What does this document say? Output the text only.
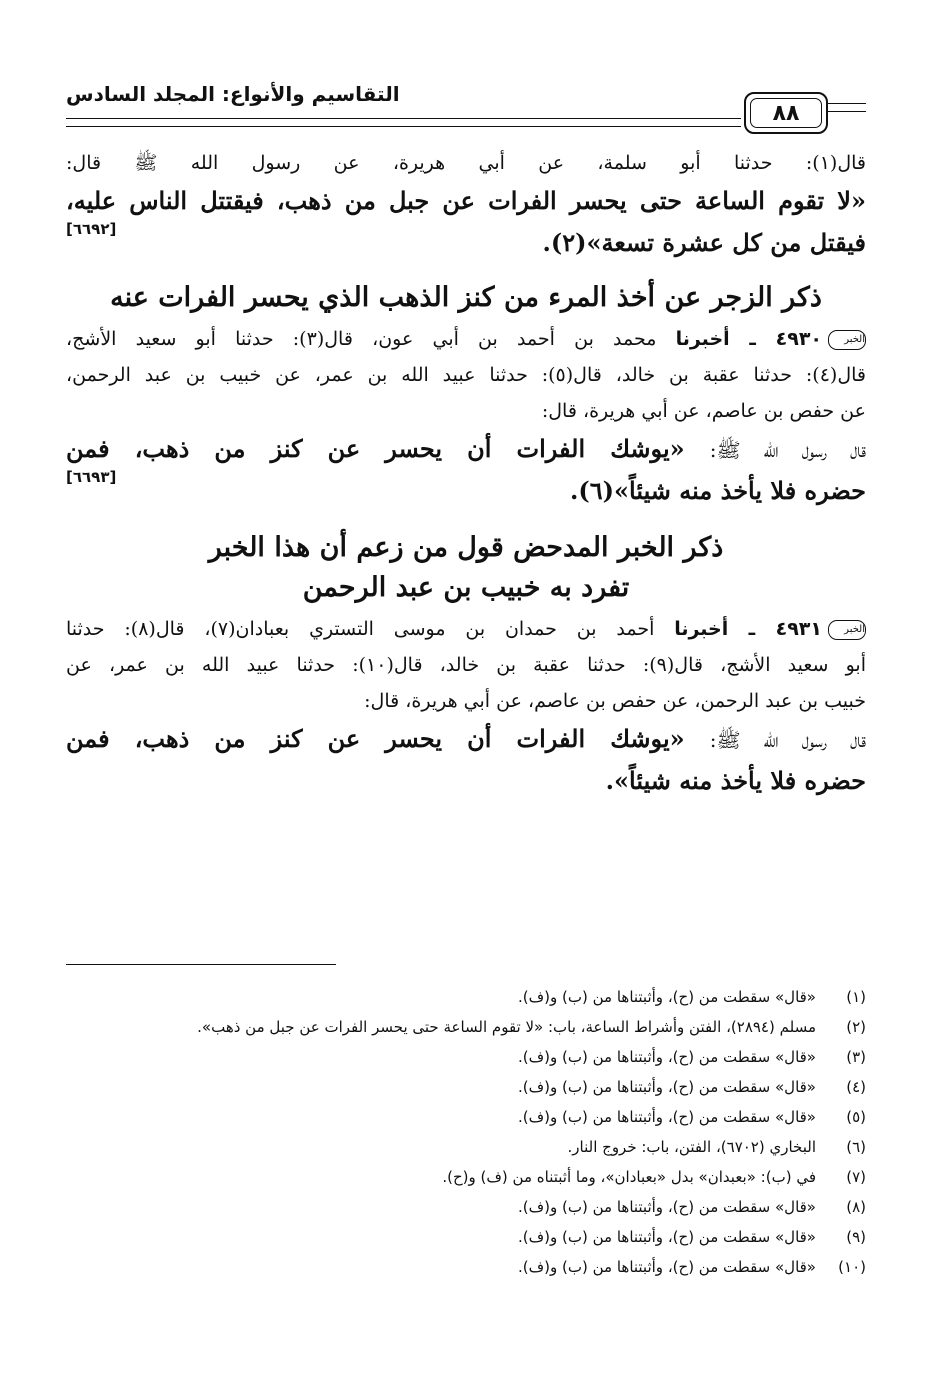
التقاسيم والأنواع: المجلد السادس
٨٨
قال(١): حدثنا أبو سلمة، عن أبي هريرة، عن رسول الله ﷺ قال:
«لا تقوم الساعة حتى يحسر الفرات عن جبل من ذهب، فيقتتل الناس عليه،
فيقتل من كل عشرة تسعة»(٢).
[٦٦٩٢]
ذكر الزجر عن أخذ المرء من كنز الذهب الذي يحسر الفرات عنه
الخبر٤٩٣٠ ـ أخبرنا محمد بن أحمد بن أبي عون، قال(٣): حدثنا أبو سعيد الأشج،
قال(٤): حدثنا عقبة بن خالد، قال(٥): حدثنا عبيد الله بن عمر، عن خبيب بن عبد الرحمن،
عن حفص بن عاصم، عن أبي هريرة، قال:
قال رسول الله ﷺ: «يوشك الفرات أن يحسر عن كنز من ذهب، فمن
حضره فلا يأخذ منه شيئاً»(٦).
[٦٦٩٣]
ذكر الخبر المدحض قول من زعم أن هذا الخبر
تفرد به خبيب بن عبد الرحمن
الخبر٤٩٣١ ـ أخبرنا أحمد بن حمدان بن موسى التستري بعبادان(٧)، قال(٨): حدثنا
أبو سعيد الأشج، قال(٩): حدثنا عقبة بن خالد، قال(١٠): حدثنا عبيد الله بن عمر، عن
خبيب بن عبد الرحمن، عن حفص بن عاصم، عن أبي هريرة، قال:
قال رسول الله ﷺ: «يوشك الفرات أن يحسر عن كنز من ذهب، فمن
حضره فلا يأخذ منه شيئاً».
(١)
«قال» سقطت من (ح)، وأثبتناها من (ب) و(ف).
(٢)
مسلم (٢٨٩٤)، الفتن وأشراط الساعة، باب: «لا تقوم الساعة حتى يحسر الفرات عن جبل من ذهب».
(٣)
«قال» سقطت من (ح)، وأثبتناها من (ب) و(ف).
(٤)
«قال» سقطت من (ح)، وأثبتناها من (ب) و(ف).
(٥)
«قال» سقطت من (ح)، وأثبتناها من (ب) و(ف).
(٦)
البخاري (٦٧٠٢)، الفتن، باب: خروج النار.
(٧)
في (ب): «بعبدان» بدل «بعبادان»، وما أثبتناه من (ف) و(ح).
(٨)
«قال» سقطت من (ح)، وأثبتناها من (ب) و(ف).
(٩)
«قال» سقطت من (ح)، وأثبتناها من (ب) و(ف).
(١٠)
«قال» سقطت من (ح)، وأثبتناها من (ب) و(ف).
